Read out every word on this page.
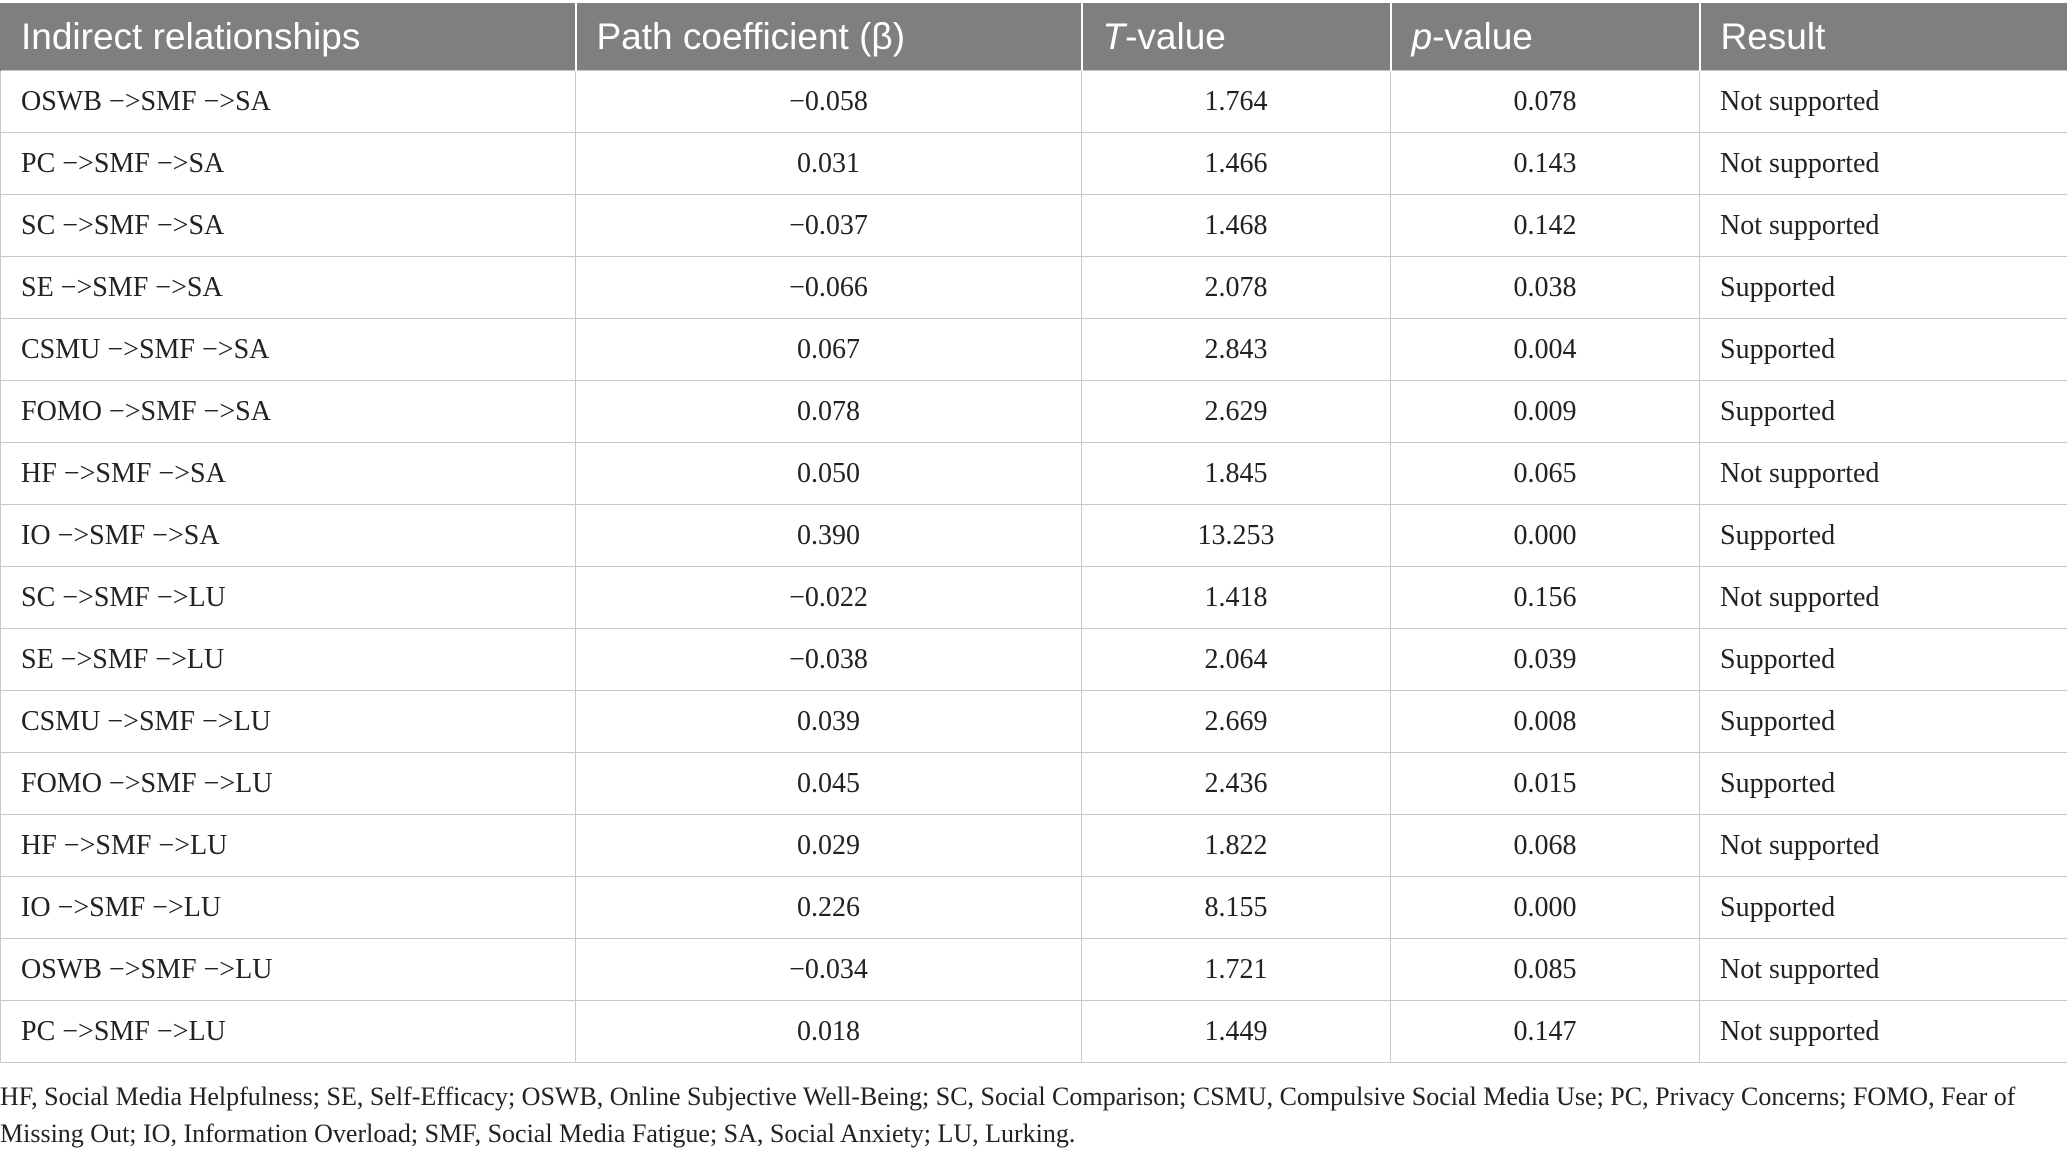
Indirect relationships	Path coefficient (β)	T-value	p-value	Result
OSWB −>SMF −>SA	−0.058	1.764	0.078	Not supported
PC −>SMF −>SA	0.031	1.466	0.143	Not supported
SC −>SMF −>SA	−0.037	1.468	0.142	Not supported
SE −>SMF −>SA	−0.066	2.078	0.038	Supported
CSMU −>SMF −>SA	0.067	2.843	0.004	Supported
FOMO −>SMF −>SA	0.078	2.629	0.009	Supported
HF −>SMF −>SA	0.050	1.845	0.065	Not supported
IO −>SMF −>SA	0.390	13.253	0.000	Supported
SC −>SMF −>LU	−0.022	1.418	0.156	Not supported
SE −>SMF −>LU	−0.038	2.064	0.039	Supported
CSMU −>SMF −>LU	0.039	2.669	0.008	Supported
FOMO −>SMF −>LU	0.045	2.436	0.015	Supported
HF −>SMF −>LU	0.029	1.822	0.068	Not supported
IO −>SMF −>LU	0.226	8.155	0.000	Supported
OSWB −>SMF −>LU	−0.034	1.721	0.085	Not supported
PC −>SMF −>LU	0.018	1.449	0.147	Not supported
HF, Social Media Helpfulness; SE, Self-Efficacy; OSWB, Online Subjective Well-Being; SC, Social Comparison; CSMU, Compulsive Social Media Use; PC, Privacy Concerns; FOMO, Fear of Missing Out; IO, Information Overload; SMF, Social Media Fatigue; SA, Social Anxiety; LU, Lurking.
